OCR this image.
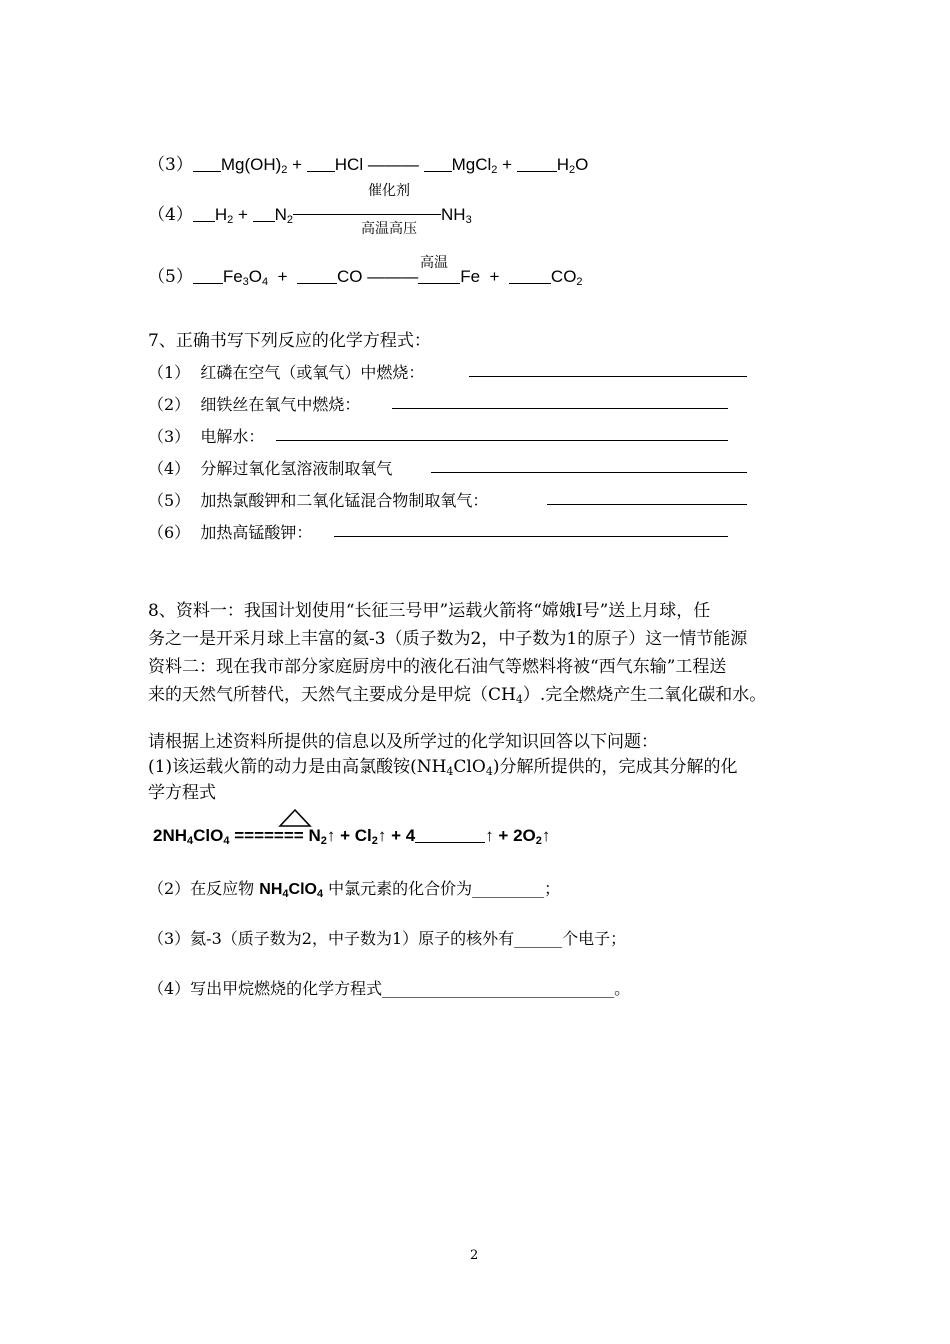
（3） $Mg(OH)_2$ + HCl ——— MgCl$_2$ + $H_2O$
催化剂
（4） $H_2 + N_2$	$NH_3$
高温高压
高温
（5） $Fe_3O_4$  +	CO ——— Fe  +	$CO_2$
7、正确书写下列反应的化学方程式：
（1） 红磷在空气（或氧气）中燃烧：
（2） 细铁丝在氧气中燃烧：
（3） 电解水：
（4） 分解过氧化氢溶液制取氧气
（5） 加热氯酸钾和二氧化锰混合物制取氧气：
（6） 加热高锰酸钾：
8、资料一：我国计划使用“长征三号甲”运载火箭将“嫦娥Ⅰ号”送上月球，任
务之一是开采月球上丰富的氦-3（质子数为2，中子数为1的原子）这一情节能源
资料二：现在我市部分家庭厨房中的液化石油气等燃料将被“西气东输”工程送
来的天然气所替代，天然气主要成分是甲烷$(CH_4)$.完全燃烧产生二氧化碳和水。
请根据上述资料所提供的信息以及所学过的化学知识回答以下问题：
(1)该运载火箭的动力是由高氯酸铵$(NH_4ClO_4)$分解所提供的，完成其分解的化
学方程式
$2NH_4ClO_4$ ======= $N_2↑$ + $Cl_2↑ + 4$	↑ + $2O_2↑$
（2）在反应物 $NH_4ClO_4$ 中氯元素的化合价为_________；
（3）氦-3（质子数为2，中子数为1）原子的核外有______个电子；
（4）写出甲烷燃烧的化学方程式_____________________________。
2
